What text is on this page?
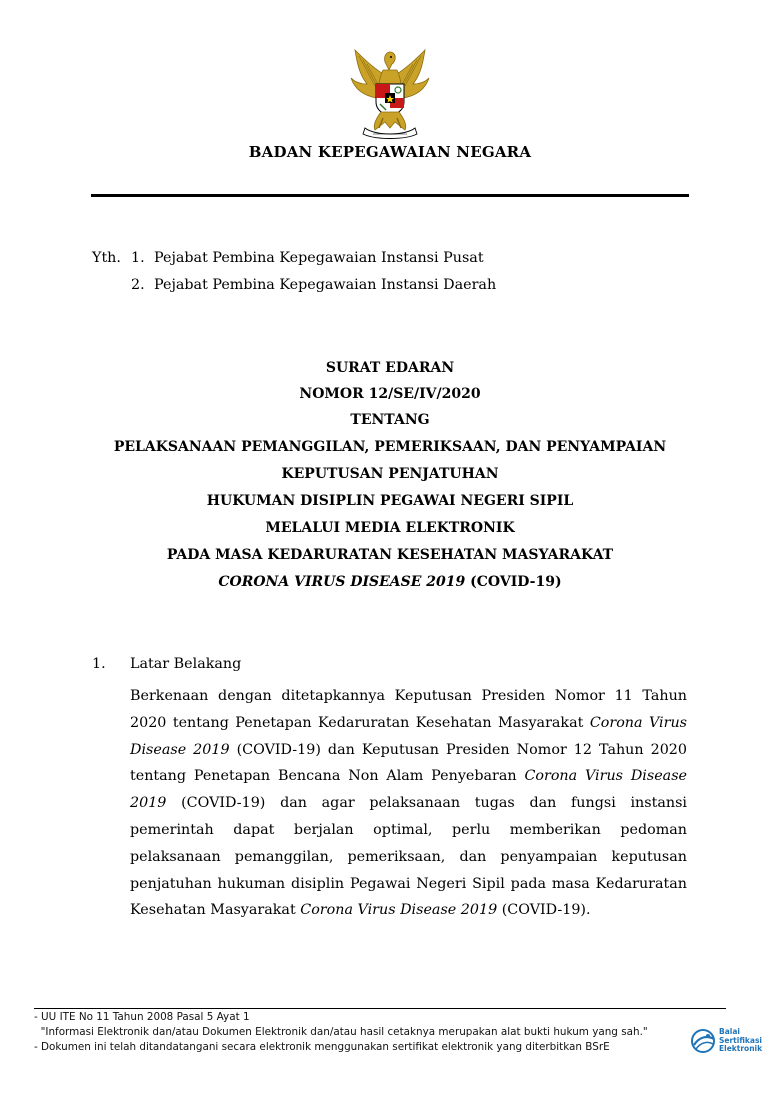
BADAN KEPEGAWAIAN NEGARA
Yth. 1. Pejabat Pembina Kepegawaian Instansi Pusat
2. Pejabat Pembina Kepegawaian Instansi Daerah
SURAT EDARAN
NOMOR 12/SE/IV/2020
TENTANG
PELAKSANAAN PEMANGGILAN, PEMERIKSAAN, DAN PENYAMPAIAN
KEPUTUSAN PENJATUHAN
HUKUMAN DISIPLIN PEGAWAI NEGERI SIPIL
MELALUI MEDIA ELEKTRONIK
PADA MASA KEDARURATAN KESEHATAN MASYARAKAT
CORONA VIRUS DISEASE 2019 (COVID-19)
1. Latar Belakang

Berkenaan dengan ditetapkannya Keputusan Presiden Nomor 11 Tahun 2020 tentang Penetapan Kedaruratan Kesehatan Masyarakat Corona Virus Disease 2019 (COVID-19) dan Keputusan Presiden Nomor 12 Tahun 2020 tentang Penetapan Bencana Non Alam Penyebaran Corona Virus Disease 2019 (COVID-19) dan agar pelaksanaan tugas dan fungsi instansi pemerintah dapat berjalan optimal, perlu memberikan pedoman pelaksanaan pemanggilan, pemeriksaan, dan penyampaian keputusan penjatuhan hukuman disiplin Pegawai Negeri Sipil pada masa Kedaruratan Kesehatan Masyarakat Corona Virus Disease 2019 (COVID-19).

- UU ITE No 11 Tahun 2008 Pasal 5 Ayat 1
"Informasi Elektronik dan/atau Dokumen Elektronik dan/atau hasil cetaknya merupakan alat bukti hukum yang sah."
- Dokumen ini telah ditandatangani secara elektronik menggunakan sertifikat elektronik yang diterbitkan BSrE
Balai
Sertifikasi
Elektronik
